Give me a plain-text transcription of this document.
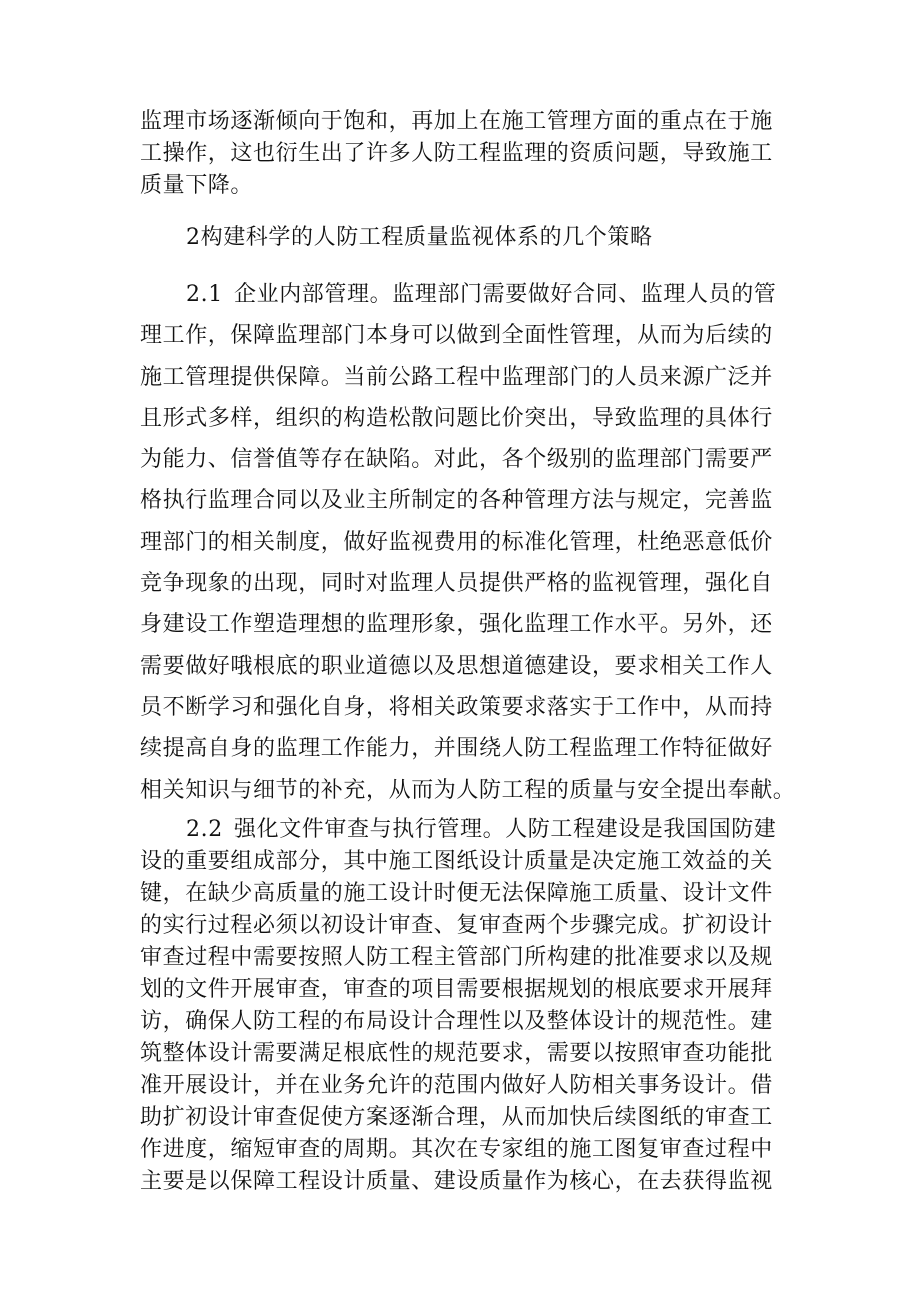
监理市场逐渐倾向于饱和，再加上在施工管理方面的重点在于施
工操作，这也衍生出了许多人防工程监理的资质问题，导致施工
质量下降。
2构建科学的人防工程质量监视体系的几个策略
2.1 企业内部管理。监理部门需要做好合同、监理人员的管
理工作，保障监理部门本身可以做到全面性管理，从而为后续的
施工管理提供保障。当前公路工程中监理部门的人员来源广泛并
且形式多样，组织的构造松散问题比价突出，导致监理的具体行
为能力、信誉值等存在缺陷。对此，各个级别的监理部门需要严
格执行监理合同以及业主所制定的各种管理方法与规定，完善监
理部门的相关制度，做好监视费用的标准化管理，杜绝恶意低价
竞争现象的出现，同时对监理人员提供严格的监视管理，强化自
身建设工作塑造理想的监理形象，强化监理工作水平。另外，还
需要做好哦根底的职业道德以及思想道德建设，要求相关工作人
员不断学习和强化自身，将相关政策要求落实于工作中，从而持
续提高自身的监理工作能力，并围绕人防工程监理工作特征做好
相关知识与细节的补充，从而为人防工程的质量与安全提出奉献。
2.2 强化文件审查与执行管理。人防工程建设是我国国防建
设的重要组成部分，其中施工图纸设计质量是决定施工效益的关
键，在缺少高质量的施工设计时便无法保障施工质量、设计文件
的实行过程必须以初设计审查、复审查两个步骤完成。扩初设计
审查过程中需要按照人防工程主管部门所构建的批准要求以及规
划的文件开展审查，审查的项目需要根据规划的根底要求开展拜
访，确保人防工程的布局设计合理性以及整体设计的规范性。建
筑整体设计需要满足根底性的规范要求，需要以按照审查功能批
准开展设计，并在业务允许的范围内做好人防相关事务设计。借
助扩初设计审查促使方案逐渐合理，从而加快后续图纸的审查工
作进度，缩短审查的周期。其次在专家组的施工图复审查过程中
主要是以保障工程设计质量、建设质量作为核心，在去获得监视
